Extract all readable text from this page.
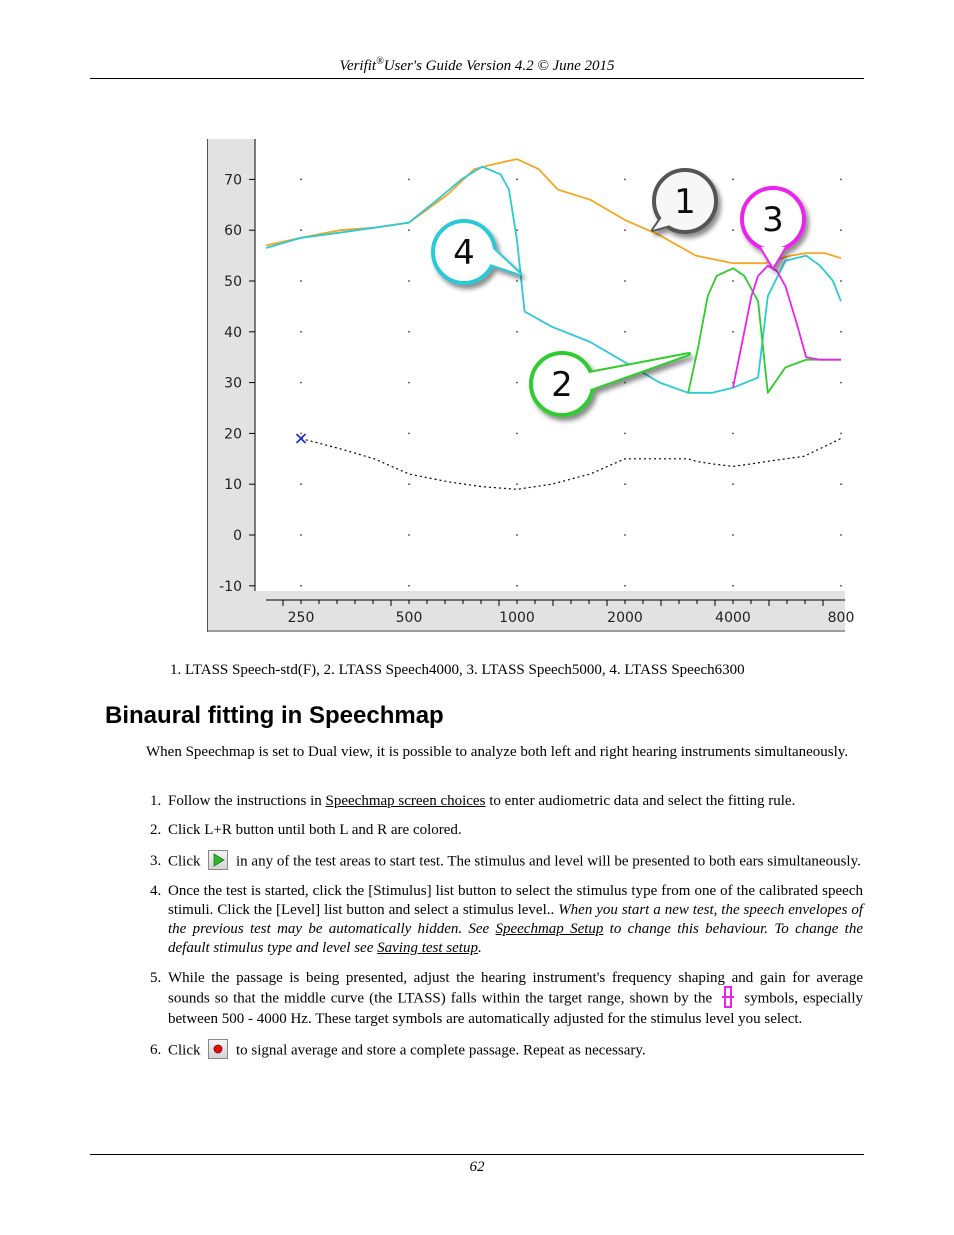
Verifit®User's Guide Version 4.2 © June 2015
70
60
50
40
30
20
10
0
-10
250	500	1000	2000	4000	800
1
2
3
4
1. LTASS Speech-std(F), 2. LTASS Speech4000, 3. LTASS Speech5000, 4. LTASS Speech6300
Binaural fitting in Speechmap
When Speechmap is set to Dual view, it is possible to analyze both left and right hearing instruments simultaneously.
1. Follow the instructions in Speechmap screen choices to enter audiometric data and select the fitting rule.
2. Click L+R button until both L and R are colored.
3. Click in any of the test areas to start test. The stimulus and level will be presented to both ears simultaneously.
4. Once the test is started, click the [Stimulus] list button to select the stimulus type from one of the calibrated speech stimuli. Click the [Level] list button and select a stimulus level.. When you start a new test, the speech envelopes of the previous test may be automatically hidden. See Speechmap Setup to change this behaviour. To change the default stimulus type and level see Saving test setup.
5. While the passage is being presented, adjust the hearing instrument's frequency shaping and gain for average sounds so that the middle curve (the LTASS) falls within the target range, shown by the symbols, especially between 500 - 4000 Hz. These target symbols are automatically adjusted for the stimulus level you select.
6. Click to signal average and store a complete passage. Repeat as necessary.
62
